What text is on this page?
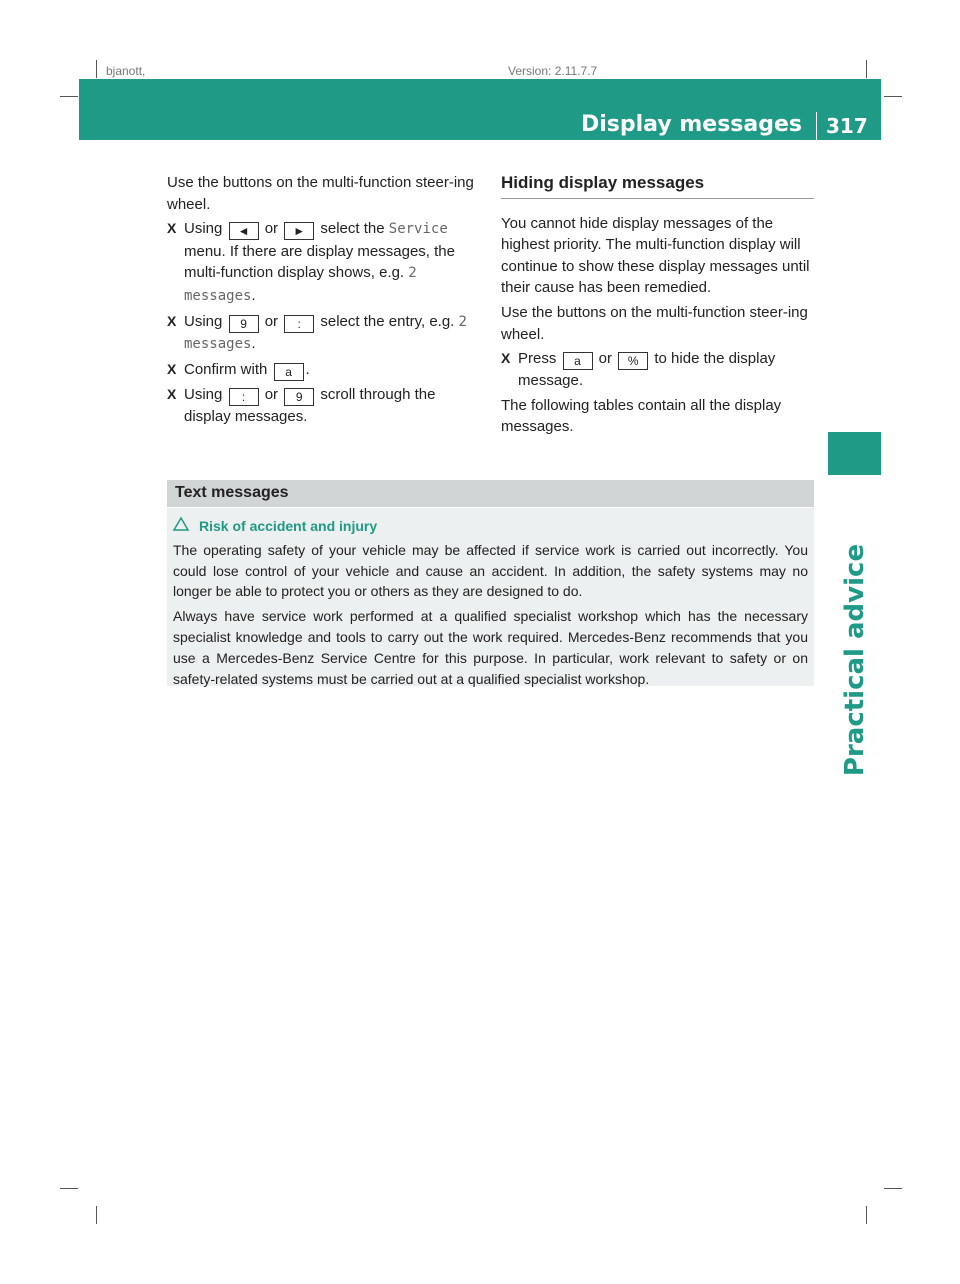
bjanott,	Version: 2.11.7.7
Display messages 317
Practical advice

Use the buttons on the multi-function steer-ing wheel.

X Using ◄ or ► select the Service menu. If there are display messages, the multi-function display shows, e.g. 2 messages.
X Using 9 or : select the entry, e.g. 2 messages.
X Confirm with a .
X Using : or 9 scroll through the display messages.
Hiding display messages

You cannot hide display messages of the highest priority. The multi-function display will continue to show these display messages until their cause has been remedied.

Use the buttons on the multi-function steer-ing wheel.

X Press a or % to hide the display message.

The following tables contain all the display messages.

Text messages
Risk of accident and injury

The operating safety of your vehicle may be affected if service work is carried out incorrectly. You could lose control of your vehicle and cause an accident. In addition, the safety systems may no longer be able to protect you or others as they are designed to do.

Always have service work performed at a qualified specialist workshop which has the necessary specialist knowledge and tools to carry out the work required. Mercedes-Benz recommends that you use a Mercedes-Benz Service Centre for this purpose. In particular, work relevant to safety or on safety-related systems must be carried out at a qualified specialist workshop.
